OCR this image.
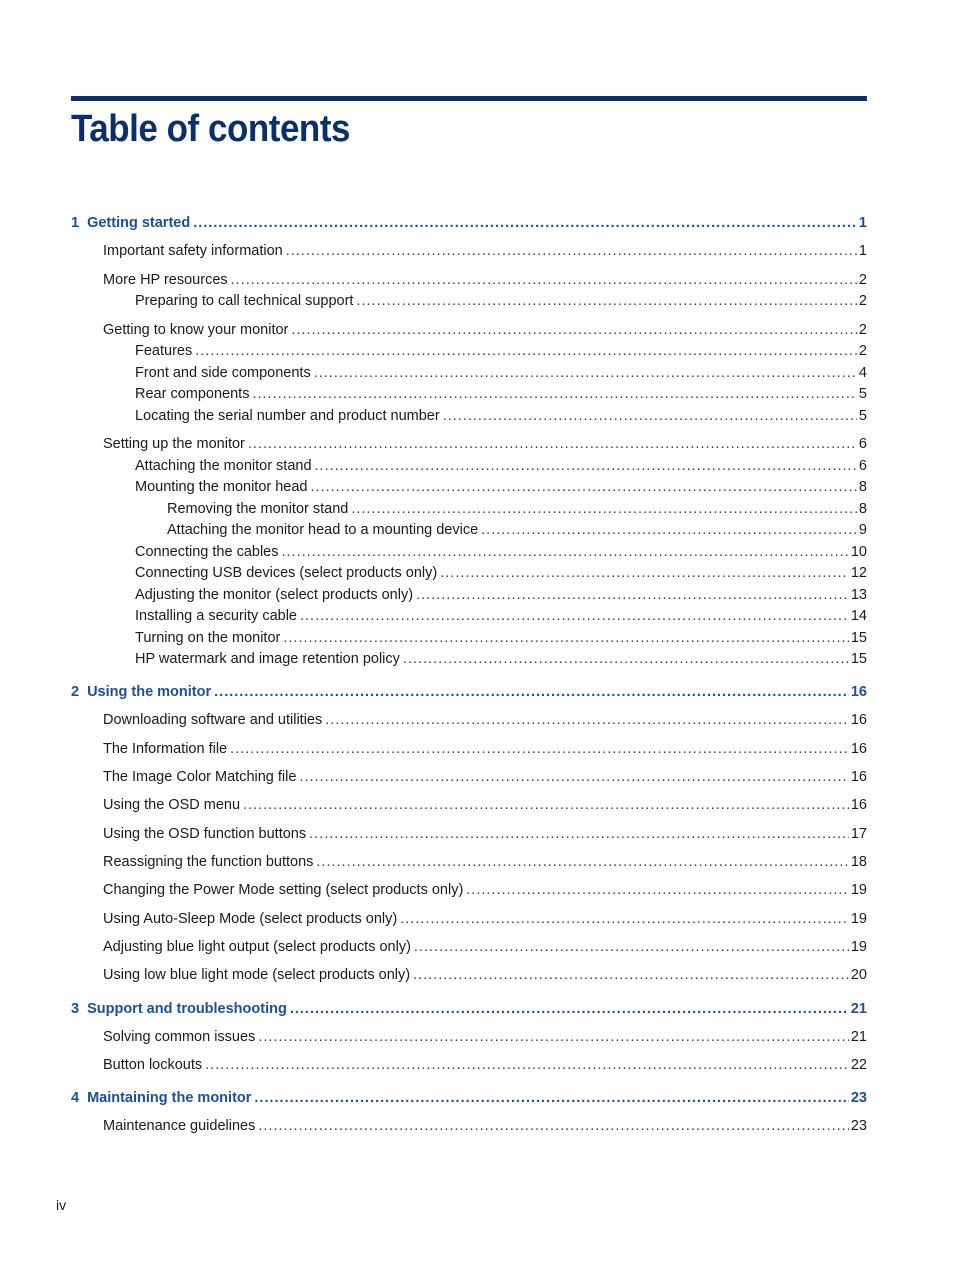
Table of contents
1 Getting started .....	1
Important safety information .....	1
More HP resources .....	2
Preparing to call technical support .....	2
Getting to know your monitor .....	2
Features .....	2
Front and side components .....	4
Rear components .....	5
Locating the serial number and product number .....	5
Setting up the monitor .....	6
Attaching the monitor stand .....	6
Mounting the monitor head .....	8
Removing the monitor stand .....	8
Attaching the monitor head to a mounting device .....	9
Connecting the cables .....	10
Connecting USB devices (select products only) .....	12
Adjusting the monitor (select products only) .....	13
Installing a security cable .....	14
Turning on the monitor .....	15
HP watermark and image retention policy .....	15
2 Using the monitor .....	16
Downloading software and utilities .....	16
The Information file .....	16
The Image Color Matching file .....	16
Using the OSD menu .....	16
Using the OSD function buttons .....	17
Reassigning the function buttons .....	18
Changing the Power Mode setting (select products only) .....	19
Using Auto-Sleep Mode (select products only) .....	19
Adjusting blue light output (select products only) .....	19
Using low blue light mode (select products only) .....	20
3 Support and troubleshooting .....	21
Solving common issues .....	21
Button lockouts .....	22
4 Maintaining the monitor .....	23
Maintenance guidelines .....	23
iv
